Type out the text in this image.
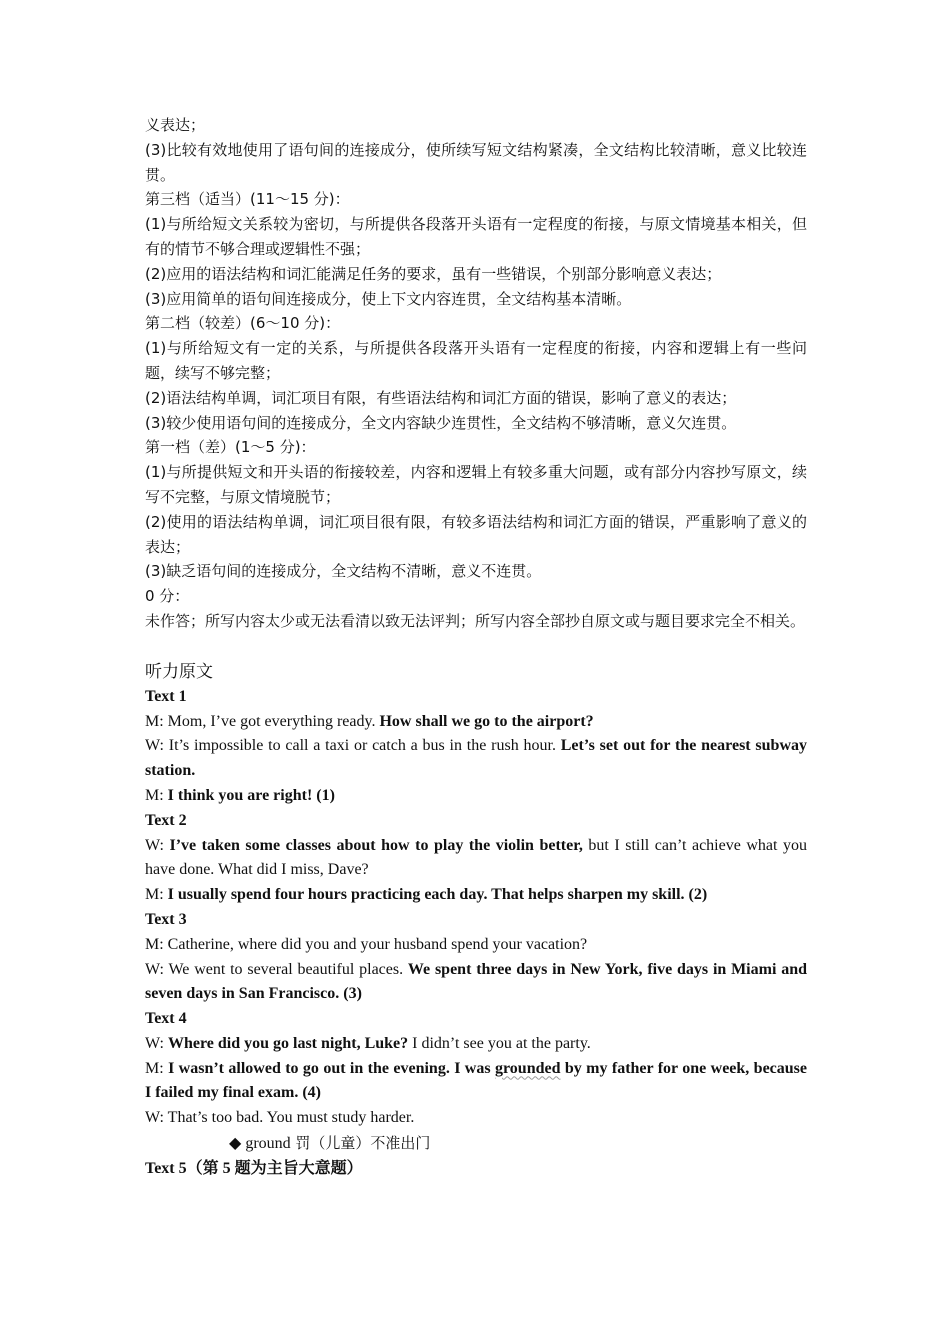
义表达；

(3)比较有效地使用了语句间的连接成分，使所续写短文结构紧凑，全文结构比较清晰，意义比较连贯。

第三档（适当）(11～15 分)：

(1)与所给短文关系较为密切，与所提供各段落开头语有一定程度的衔接，与原文情境基本相关，但有的情节不够合理或逻辑性不强；

(2)应用的语法结构和词汇能满足任务的要求，虽有一些错误，个别部分影响意义表达；

(3)应用简单的语句间连接成分，使上下文内容连贯，全文结构基本清晰。

第二档（较差）(6～10 分)：

(1)与所给短文有一定的关系，与所提供各段落开头语有一定程度的衔接，内容和逻辑上有一些问题，续写不够完整；

(2)语法结构单调，词汇项目有限，有些语法结构和词汇方面的错误，影响了意义的表达；

(3)较少使用语句间的连接成分，全文内容缺少连贯性，全文结构不够清晰，意义欠连贯。

第一档（差）(1～5 分)：

(1)与所提供短文和开头语的衔接较差，内容和逻辑上有较多重大问题，或有部分内容抄写原文，续写不完整，与原文情境脱节；

(2)使用的语法结构单调，词汇项目很有限，有较多语法结构和词汇方面的错误，严重影响了意义的表达；

(3)缺乏语句间的连接成分，全文结构不清晰，意义不连贯。

0 分：

未作答；所写内容太少或无法看清以致无法评判；所写内容全部抄自原文或与题目要求完全不相关。

听力原文

Text 1

M: Mom, I’ve got everything ready. How shall we go to the airport?

W: It’s impossible to call a taxi or catch a bus in the rush hour. Let’s set out for the nearest subway station.

M: I think you are right! (1)

Text 2

W: I’ve taken some classes about how to play the violin better, but I still can’t achieve what you have done. What did I miss, Dave?

M: I usually spend four hours practicing each day. That helps sharpen my skill. (2)

Text 3

M: Catherine, where did you and your husband spend your vacation?

W: We went to several beautiful places. We spent three days in New York, five days in Miami and seven days in San Francisco. (3)

Text 4

W: Where did you go last night, Luke? I didn’t see you at the party.

M: I wasn’t allowed to go out in the evening. I was grounded by my father for one week, because I failed my final exam. (4)

W: That’s too bad. You must study harder.

◆ ground 罚（儿童）不准出门

Text 5（第 5 题为主旨大意题）
